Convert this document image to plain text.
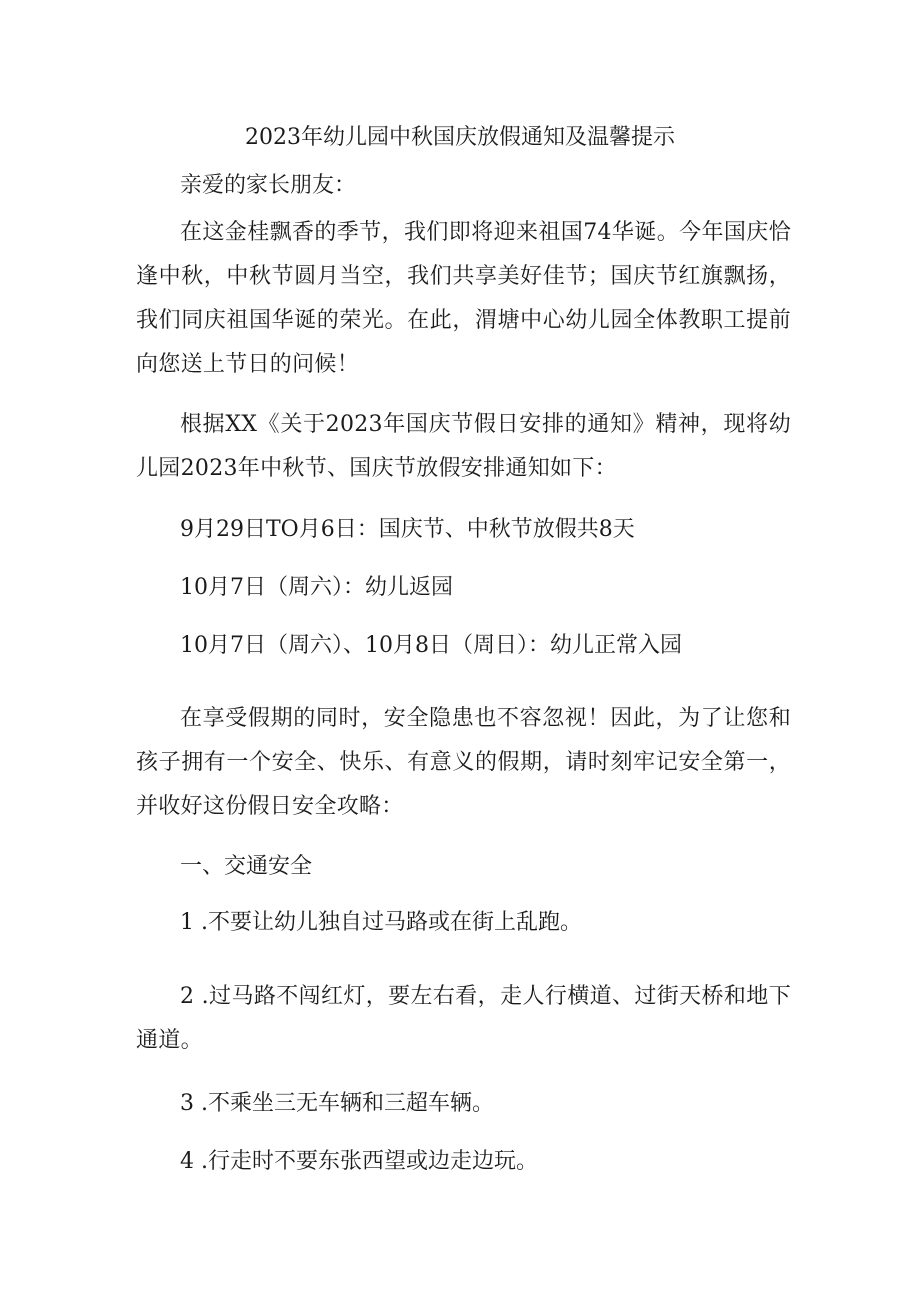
2023年幼儿园中秋国庆放假通知及温馨提示

亲爱的家长朋友：

在这金桂飘香的季节，我们即将迎来祖国74华诞。今年国庆恰逢中秋，中秋节圆月当空，我们共享美好佳节；国庆节红旗飘扬，我们同庆祖国华诞的荣光。在此，渭塘中心幼儿园全体教职工提前向您送上节日的问候！

根据XX《关于2023年国庆节假日安排的通知》精神，现将幼儿园2023年中秋节、国庆节放假安排通知如下：

9月29日TO月6日：国庆节、中秋节放假共8天

10月7日（周六）：幼儿返园

10月7日（周六）、10月8日（周日）：幼儿正常入园

在享受假期的同时，安全隐患也不容忽视！因此，为了让您和孩子拥有一个安全、快乐、有意义的假期，请时刻牢记安全第一，并收好这份假日安全攻略：

一、交通安全

1 .不要让幼儿独自过马路或在街上乱跑。

2 .过马路不闯红灯，要左右看，走人行横道、过街天桥和地下通道。

3 .不乘坐三无车辆和三超车辆。

4 .行走时不要东张西望或边走边玩。
